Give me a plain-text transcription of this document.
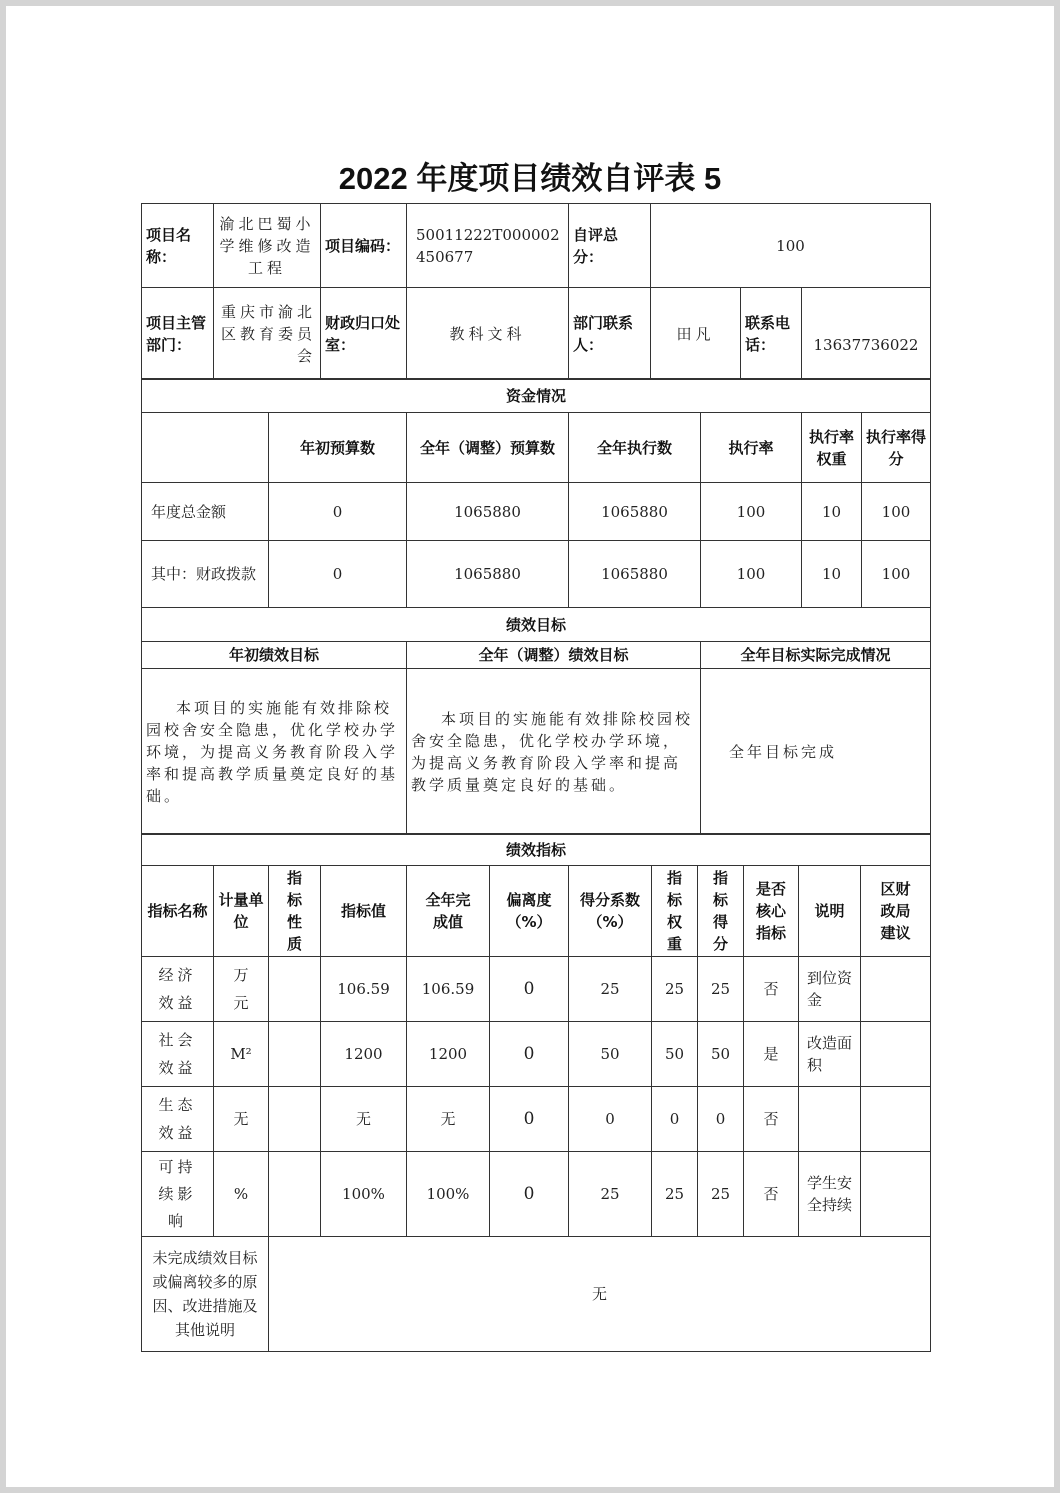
2022 年度项目绩效自评表 5
项目名称：	渝北巴蜀小学维修改造工程	项目编码：	50011222T000002450677	自评总分：	100		
项目主管部门：	重庆市渝北区教育委员会	财政归口处室：	教科文科	部门联系人：	田凡	联系电话：	13637736022
资金情况						
	年初预算数	全年（调整）预算数	全年执行数	执行率	执行率权重	执行率得分
年度总金额	0	1065880	1065880	100	10	100
其中：财政拨款	0	1065880	1065880	100	10	100
绩效目标		
年初绩效目标	全年（调整）绩效目标	全年目标实际完成情况
本项目的实施能有效排除校园校舍安全隐患，优化学校办学环境，为提高义务教育阶段入学率和提高教学质量奠定良好的基础。	本项目的实施能有效排除校园校舍安全隐患，优化学校办学环境，为提高义务教育阶段入学率和提高教学质量奠定良好的基础。	全年目标完成
绩效指标											
指标名称	计量单位	指标性质	指标值	全年完成值	偏离度（%）	得分系数（%）	指标权重	指标得分	是否核心指标	说明	区财政局建议
经济效益	万元		106.59	106.59	0	25	25	25	否	到位资金	
社会效益	M²		1200	1200	0	50	50	50	是	改造面积	
生态效益	无		无	无	0	0	0	0	否		
可持续影响	%		100%	100%	0	25	25	25	否	学生安全持续	
未完成绩效目标或偏离较多的原因、改进措施及其他说明	无
